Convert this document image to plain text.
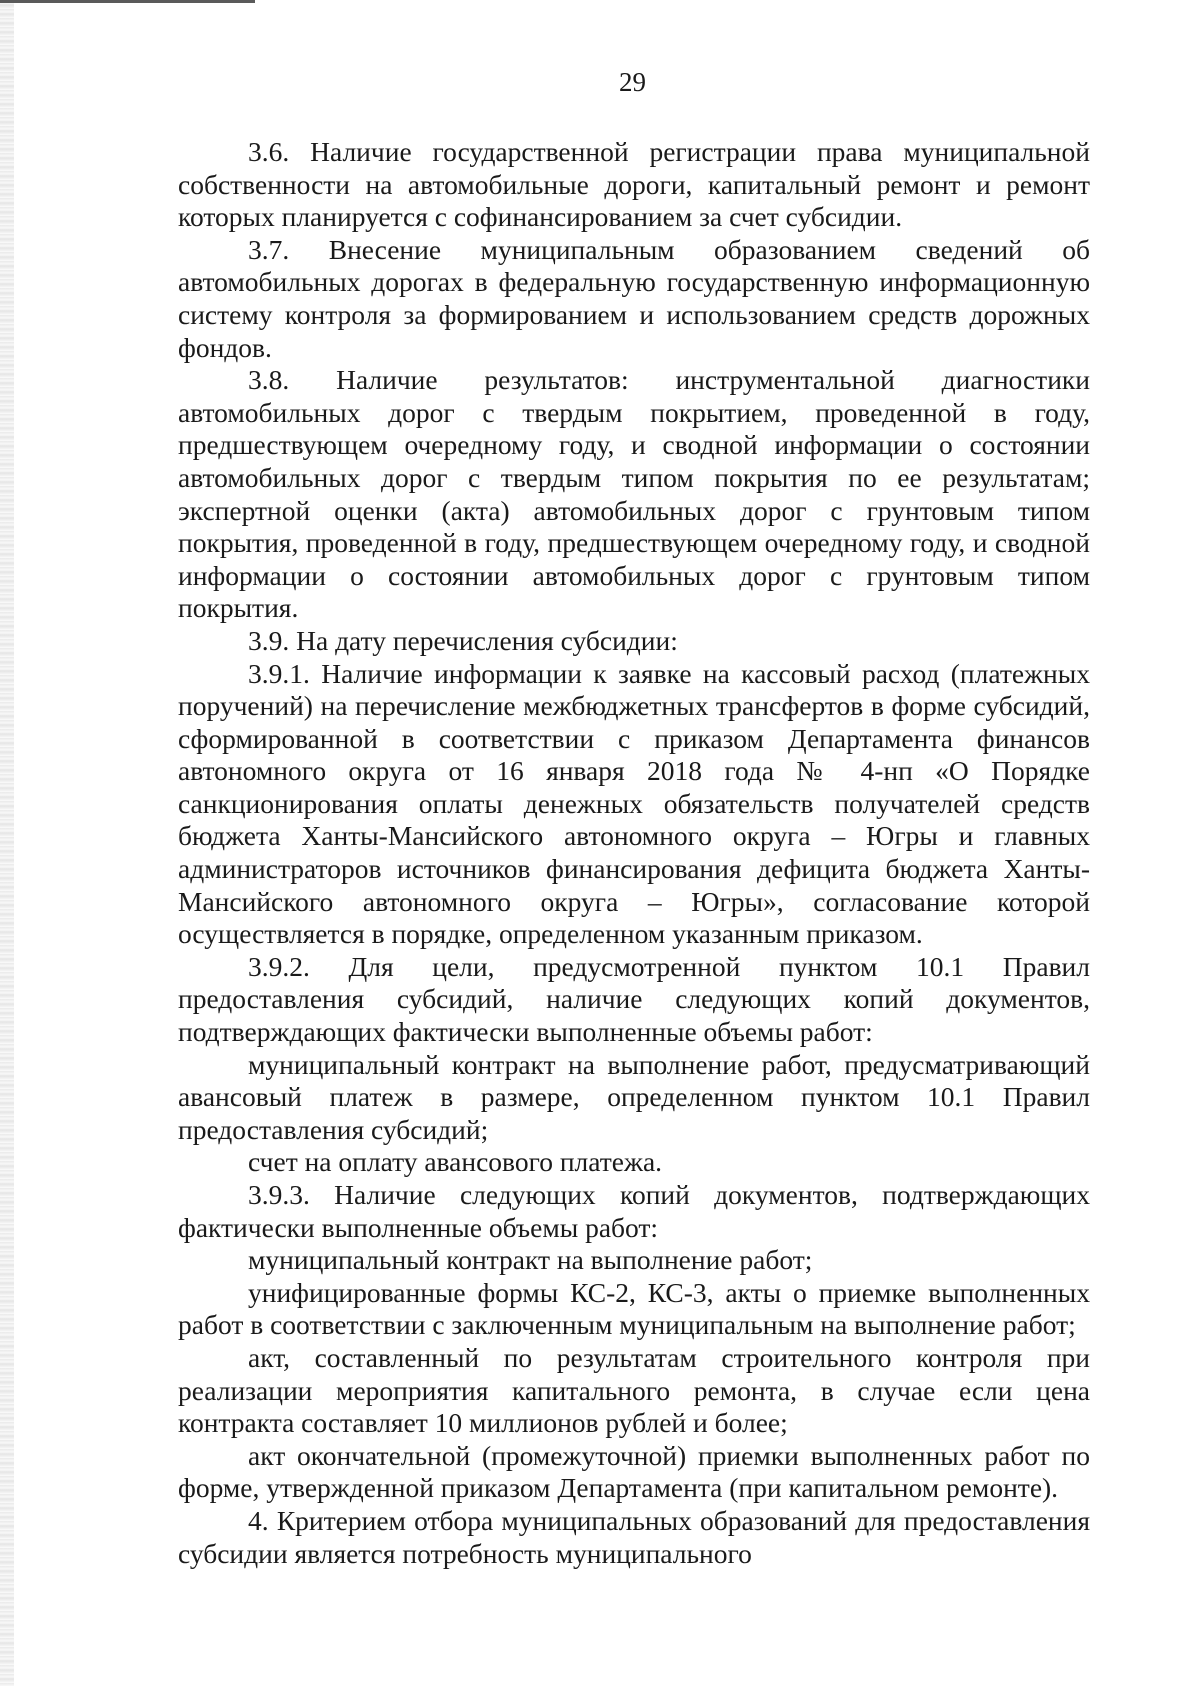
29

3.6. Наличие государственной регистрации права муниципальной собственности на автомобильные дороги, капитальный ремонт и ремонт которых планируется с софинансированием за счет субсидии.

3.7. Внесение муниципальным образованием сведений об автомобильных дорогах в федеральную государственную информационную систему контроля за формированием и использованием средств дорожных фондов.

3.8. Наличие результатов: инструментальной диагностики автомобильных дорог с твердым покрытием, проведенной в году, предшествующем очередному году, и сводной информации о состоянии автомобильных дорог с твердым типом покрытия по ее результатам; экспертной оценки (акта) автомобильных дорог с грунтовым типом покрытия, проведенной в году, предшествующем очередному году, и сводной информации о состоянии автомобильных дорог с грунтовым типом покрытия.

3.9. На дату перечисления субсидии:

3.9.1. Наличие информации к заявке на кассовый расход (платежных поручений) на перечисление межбюджетных трансфертов в форме субсидий, сформированной в соответствии с приказом Департамента финансов автономного округа от 16 января 2018 года № 4-нп «О Порядке санкционирования оплаты денежных обязательств получателей средств бюджета Ханты-Мансийского автономного округа – Югры и главных администраторов источников финансирования дефицита бюджета Ханты-Мансийского автономного округа – Югры», согласование которой осуществляется в порядке, определенном указанным приказом.

3.9.2. Для цели, предусмотренной пунктом 10.1 Правил предоставления субсидий, наличие следующих копий документов, подтверждающих фактически выполненные объемы работ:

муниципальный контракт на выполнение работ, предусматривающий авансовый платеж в размере, определенном пунктом 10.1 Правил предоставления субсидий;

счет на оплату авансового платежа.

3.9.3. Наличие следующих копий документов, подтверждающих фактически выполненные объемы работ:

муниципальный контракт на выполнение работ;

унифицированные формы КС-2, КС-3, акты о приемке выполненных работ в соответствии с заключенным муниципальным на выполнение работ;

акт, составленный по результатам строительного контроля при реализации мероприятия капитального ремонта, в случае если цена контракта составляет 10 миллионов рублей и более;

акт окончательной (промежуточной) приемки выполненных работ по форме, утвержденной приказом Департамента (при капитальном ремонте).

4. Критерием отбора муниципальных образований для предоставления субсидии является потребность муниципального
